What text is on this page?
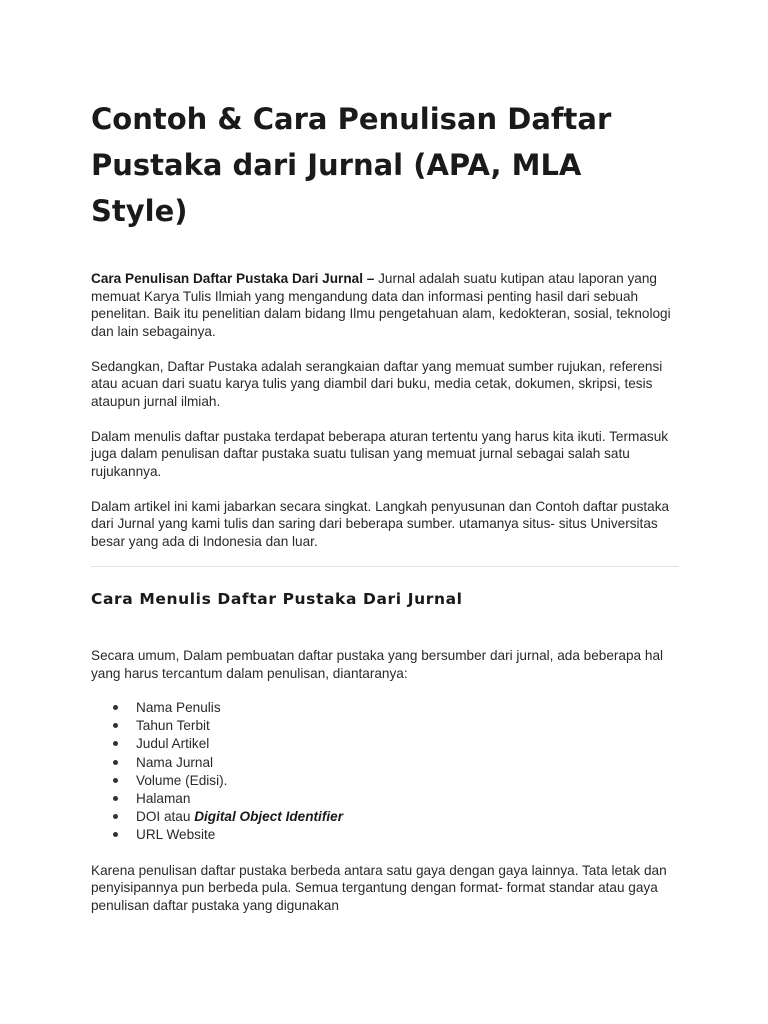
Contoh & Cara Penulisan Daftar Pustaka dari Jurnal (APA, MLA Style)

Cara Penulisan Daftar Pustaka Dari Jurnal – Jurnal adalah suatu kutipan atau laporan yang memuat Karya Tulis Ilmiah yang mengandung data dan informasi penting hasil dari sebuah penelitan. Baik itu penelitian dalam bidang Ilmu pengetahuan alam, kedokteran, sosial, teknologi dan lain sebagainya.

Sedangkan, Daftar Pustaka adalah serangkaian daftar yang memuat sumber rujukan, referensi atau acuan dari suatu karya tulis yang diambil dari buku, media cetak, dokumen, skripsi, tesis ataupun jurnal ilmiah.

Dalam menulis daftar pustaka terdapat beberapa aturan tertentu yang harus kita ikuti. Termasuk juga dalam penulisan daftar pustaka suatu tulisan yang memuat jurnal sebagai salah satu rujukannya.

Dalam artikel ini kami jabarkan secara singkat. Langkah penyusunan dan Contoh daftar pustaka dari Jurnal yang kami tulis dan saring dari beberapa sumber. utamanya situs- situs Universitas besar yang ada di Indonesia dan luar.

Cara Menulis Daftar Pustaka Dari Jurnal

Secara umum, Dalam pembuatan daftar pustaka yang bersumber dari jurnal, ada beberapa hal yang harus tercantum dalam penulisan, diantaranya:

Nama Penulis
Tahun Terbit
Judul Artikel
Nama Jurnal
Volume (Edisi).
Halaman
DOI atau Digital Object Identifier
URL Website

Karena penulisan daftar pustaka berbeda antara satu gaya dengan gaya lainnya. Tata letak dan penyisipannya pun berbeda pula. Semua tergantung dengan format- format standar atau gaya penulisan daftar pustaka yang digunakan
